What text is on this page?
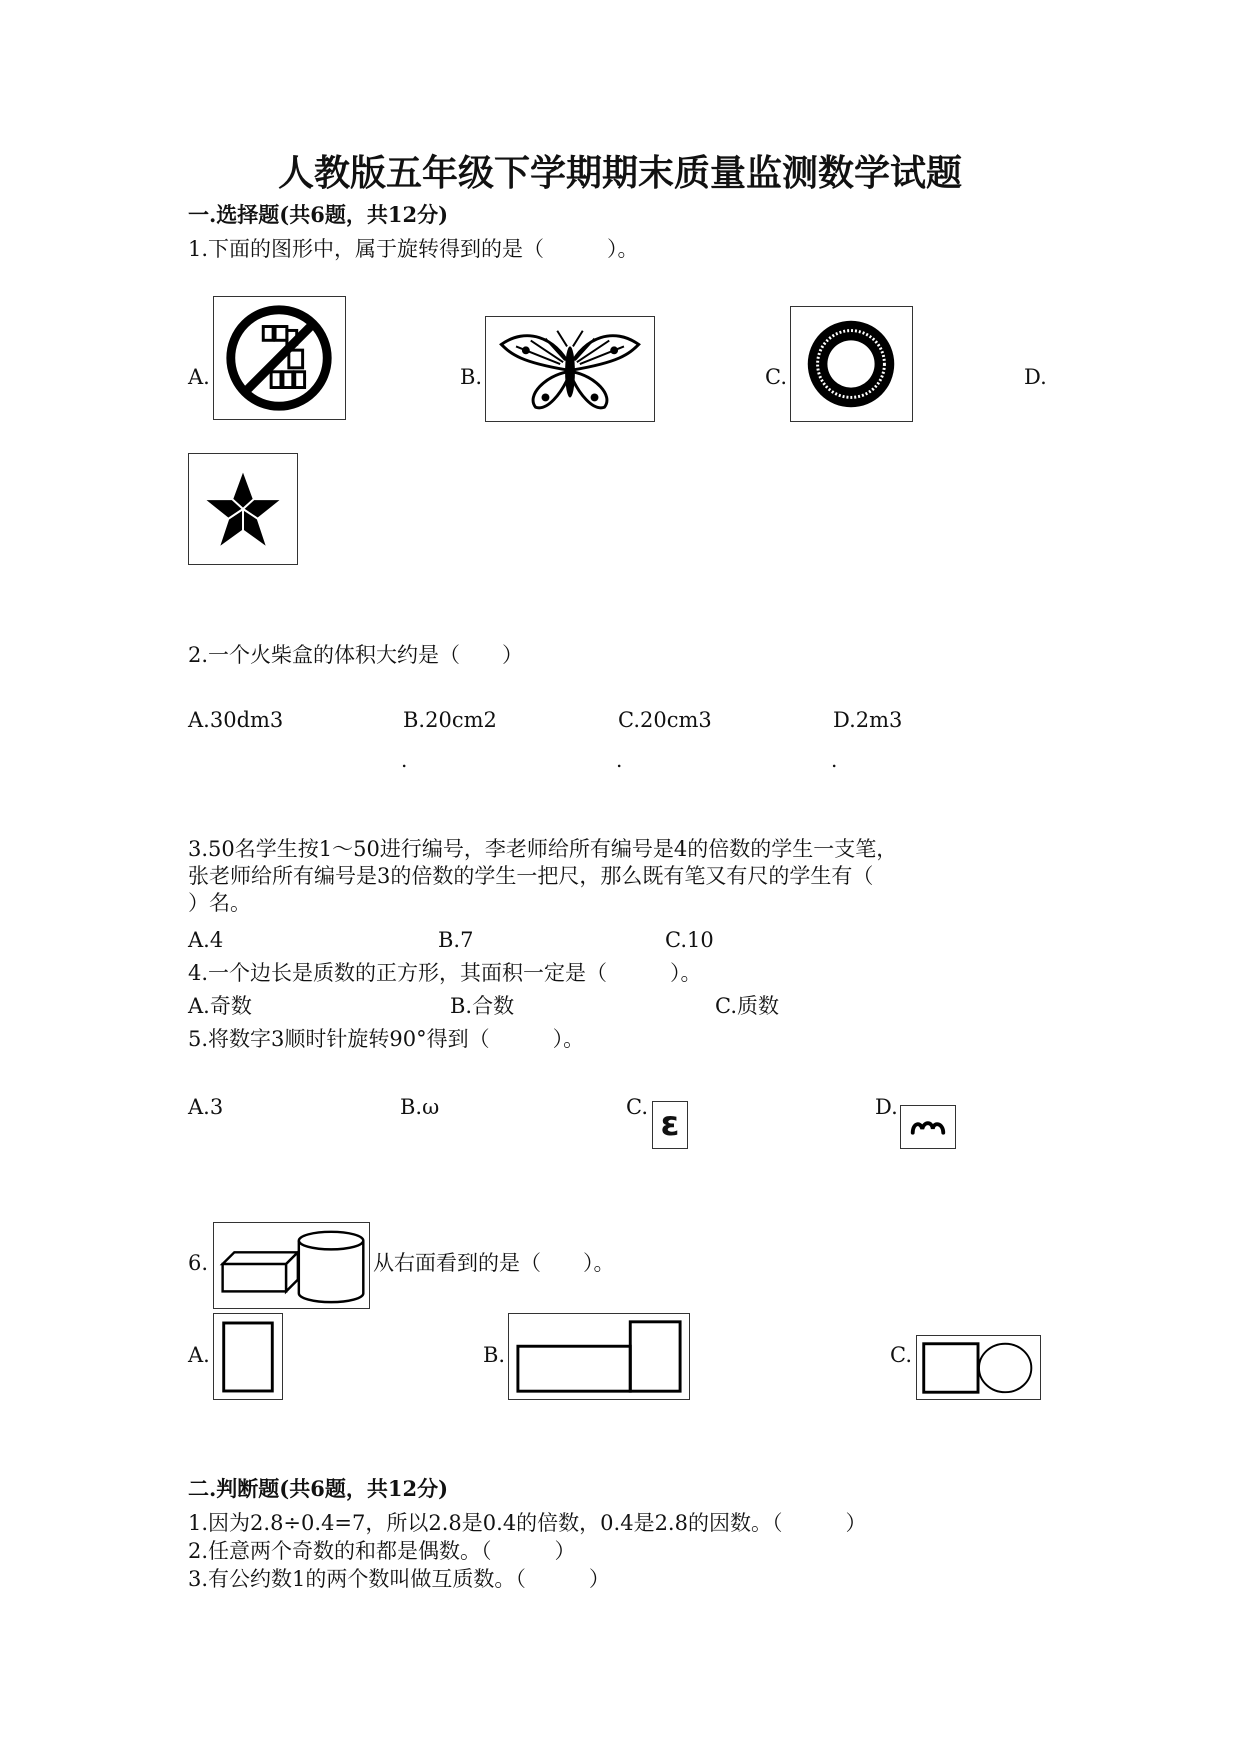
人教版五年级下学期期末质量监测数学试题
一.选择题(共6题，共12分)
1.下面的图形中，属于旋转得到的是（　　　）。
A.	B.	C.	D.
2.一个火柴盒的体积大约是（　　）
A.30dm3	B.20cm2	C.20cm3	D.2m3
.	.	.
3.50名学生按1～50进行编号，李老师给所有编号是4的倍数的学生一支笔，
张老师给所有编号是3的倍数的学生一把尺，那么既有笔又有尺的学生有（
）名。
A.4	B.7	C.10
4.一个边长是质数的正方形，其面积一定是（　　　）。
A.奇数	B.合数	C.质数
5.将数字3顺时针旋转90°得到（　　　）。
A.3	B.ω	C. ɛ	D.
6.	从右面看到的是（　　）。
A.	B.	C.
二.判断题(共6题，共12分)
1.因为2.8÷0.4=7，所以2.8是0.4的倍数，0.4是2.8的因数。（　　　）
2.任意两个奇数的和都是偶数。（　　　）
3.有公约数1的两个数叫做互质数。（　　　）
